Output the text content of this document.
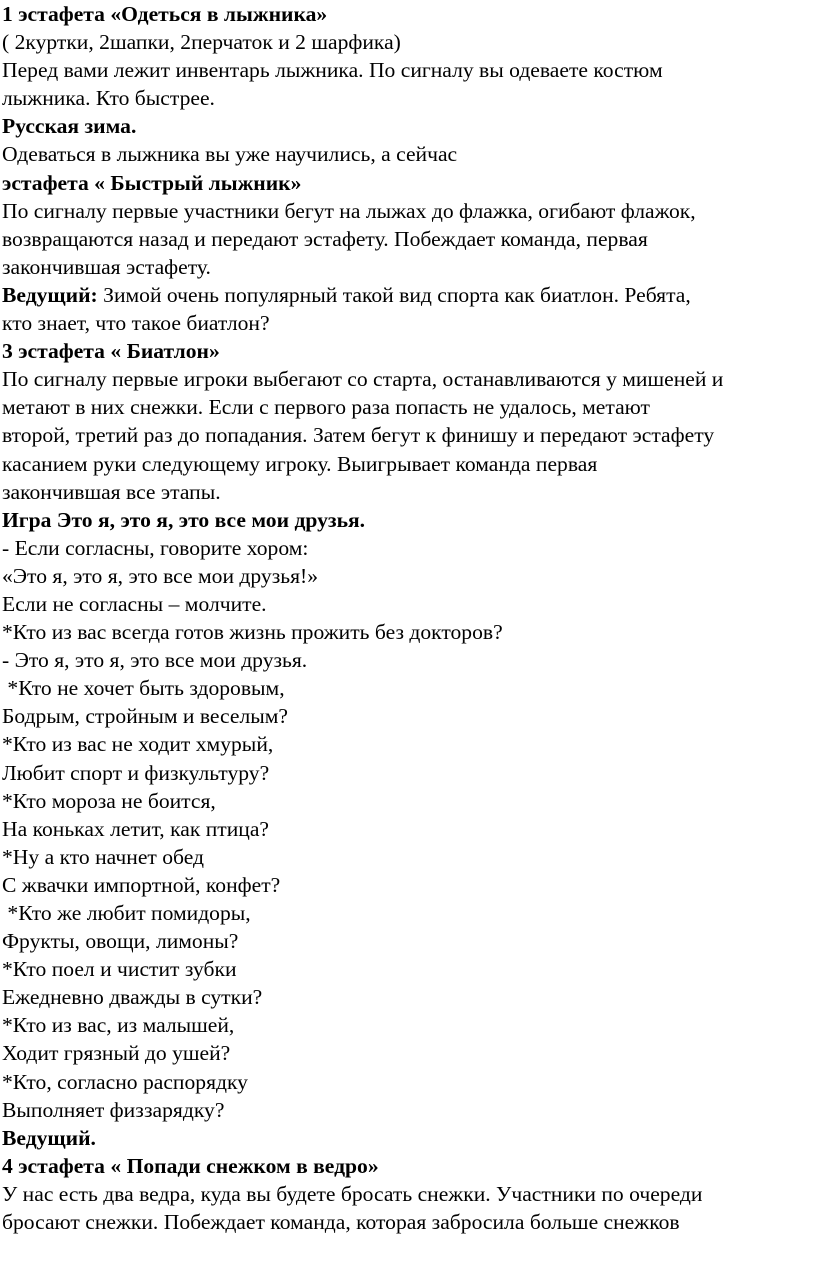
1 эстафета «Одеться в лыжника»
( 2куртки, 2шапки, 2перчаток и 2 шарфика)
Перед вами лежит инвентарь лыжника. По сигналу вы одеваете костюм
лыжника. Кто быстрее.
Русская зима.
Одеваться в лыжника вы уже научились, а сейчас
эстафета « Быстрый лыжник»
По сигналу первые участники бегут на лыжах до флажка, огибают флажок,
возвращаются назад и передают эстафету. Побеждает команда, первая
закончившая эстафету.
Ведущий: Зимой очень популярный такой вид спорта как биатлон. Ребята,
кто знает, что такое биатлон?
3 эстафета « Биатлон»
По сигналу первые игроки выбегают со старта, останавливаются у мишеней и
метают в них снежки. Если с первого раза попасть не удалось, метают
второй, третий раз до попадания. Затем бегут к финишу и передают эстафету
касанием руки следующему игроку. Выигрывает команда первая
закончившая все этапы.
Игра Это я, это я, это все мои друзья.
- Если согласны, говорите хором:
«Это я, это я, это все мои друзья!»
Если не согласны – молчите.
*Кто из вас всегда готов жизнь прожить без докторов?
- Это я, это я, это все мои друзья.
*Кто не хочет быть здоровым,
Бодрым, стройным и веселым?
*Кто из вас не ходит хмурый,
Любит спорт и физкультуру?
*Кто мороза не боится,
На коньках летит, как птица?
*Ну а кто начнет обед
С жвачки импортной, конфет?
*Кто же любит помидоры,
Фрукты, овощи, лимоны?
*Кто поел и чистит зубки
Ежедневно дважды в сутки?
*Кто из вас, из малышей,
Ходит грязный до ушей?
*Кто, согласно распорядку
Выполняет физзарядку?
Ведущий.
4 эстафета « Попади снежком в ведро»
У нас есть два ведра, куда вы будете бросать снежки. Участники по очереди
бросают снежки. Побеждает команда, которая забросила больше снежков
